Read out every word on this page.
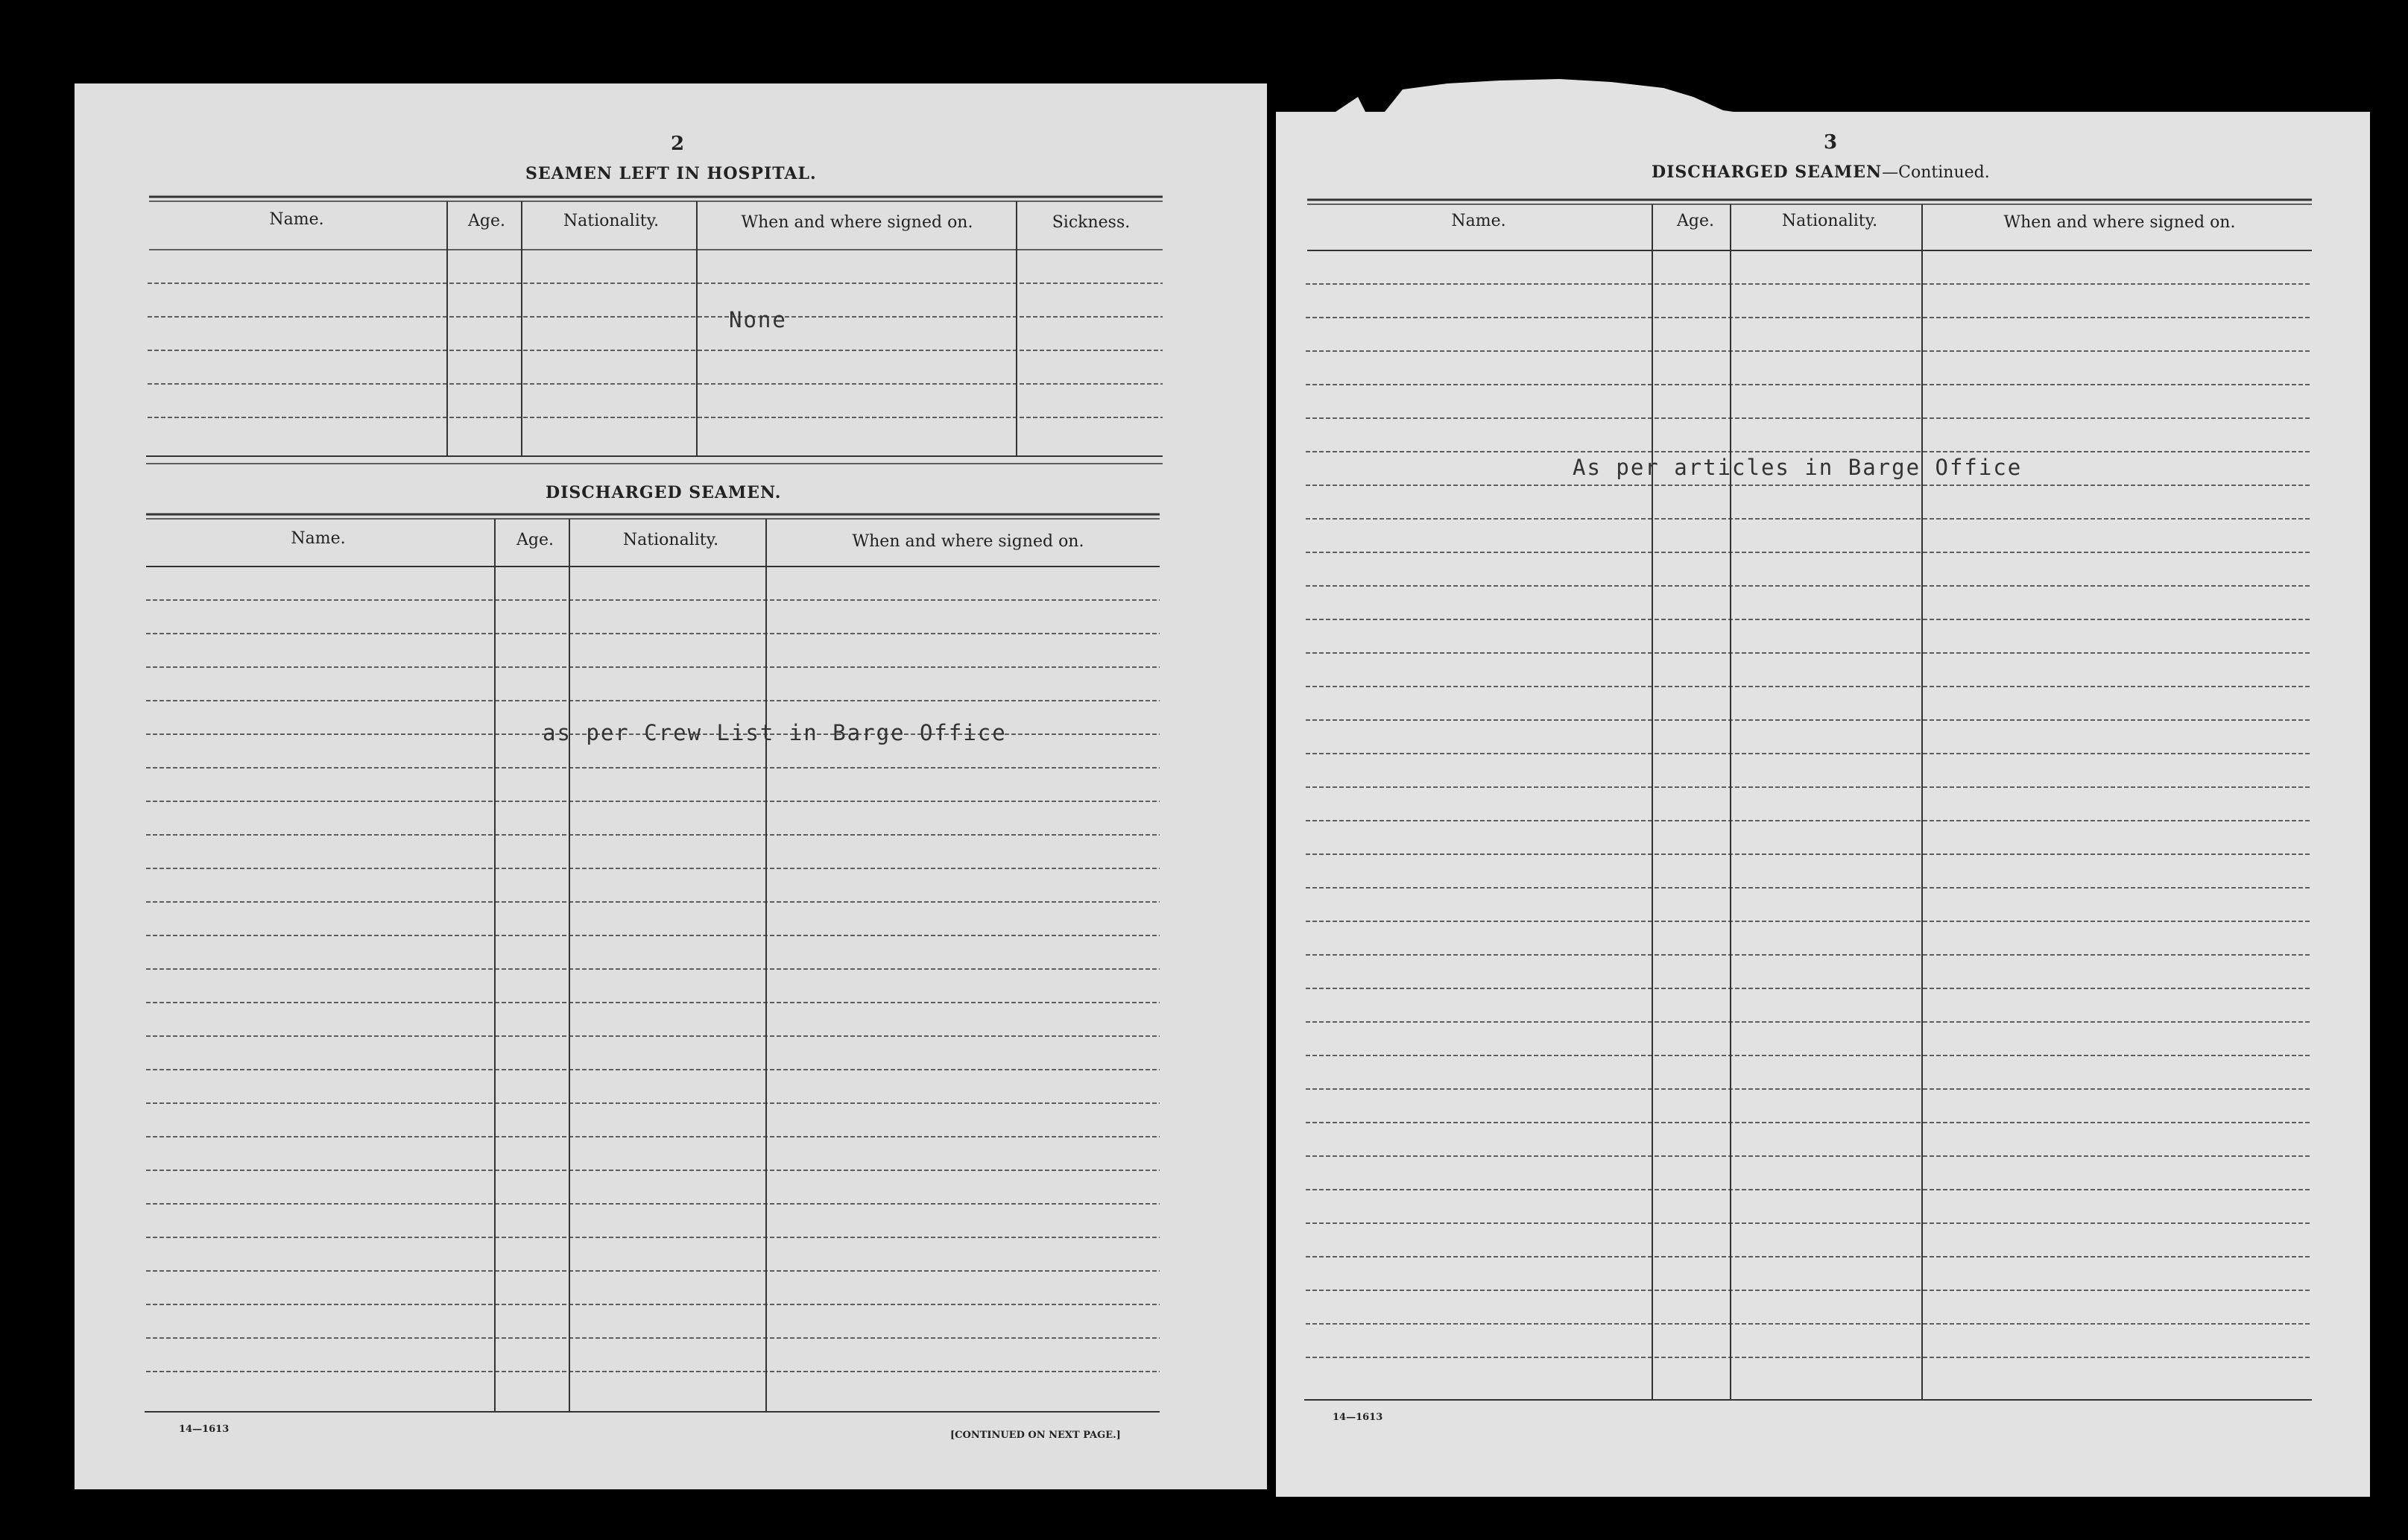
2
SEAMEN LEFT IN HOSPITAL.
Name.	Age.	Nationality.	When and where signed on.	Sickness.
None
DISCHARGED SEAMEN.
Name.	Age.	Nationality.	When and where signed on.
as per Crew List in Barge Office
14—1613
[CONTINUED ON NEXT PAGE.]
3
DISCHARGED SEAMEN—Continued.
Name.	Age.	Nationality.	When and where signed on.
As per articles in Barge Office
14—1613
